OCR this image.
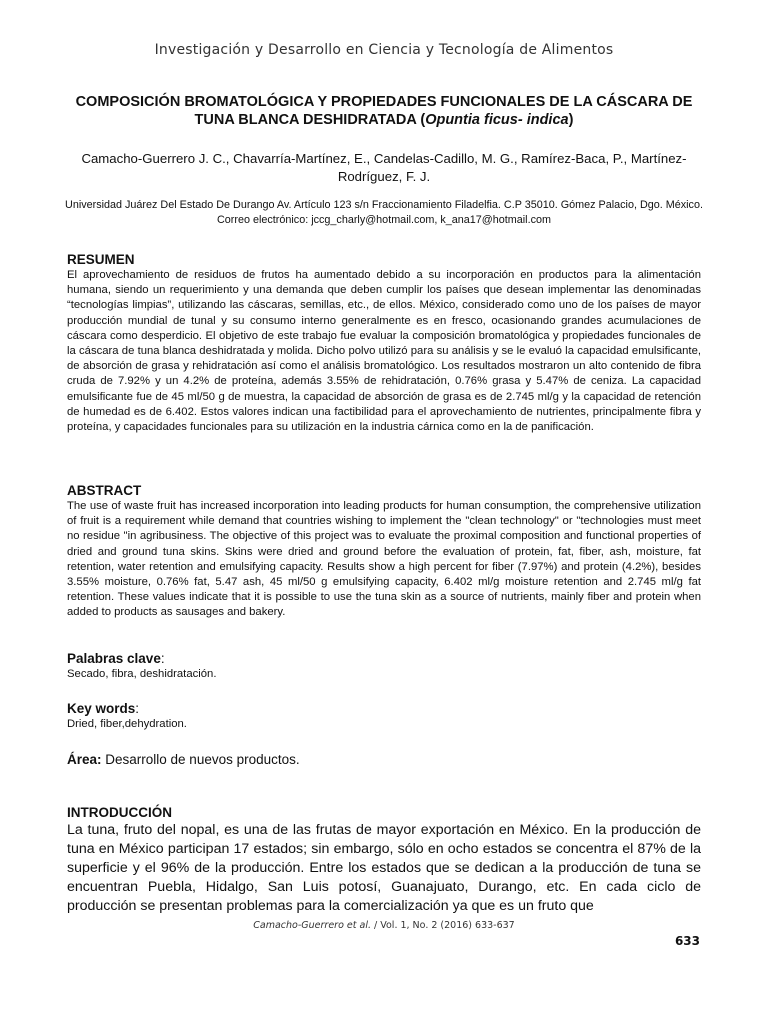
Investigación y Desarrollo en Ciencia y Tecnología de Alimentos
COMPOSICIÓN BROMATOLÓGICA Y PROPIEDADES FUNCIONALES DE LA CÁSCARA DE TUNA BLANCA DESHIDRATADA (Opuntia ficus- indica)
Camacho-Guerrero J. C., Chavarría-Martínez, E., Candelas-Cadillo, M. G., Ramírez-Baca, P., Martínez-Rodríguez, F. J.
Universidad Juárez Del Estado De Durango Av. Artículo 123 s/n Fraccionamiento Filadelfia. C.P 35010. Gómez Palacio, Dgo. México. Correo electrónico: jccg_charly@hotmail.com, k_ana17@hotmail.com
RESUMEN

El aprovechamiento de residuos de frutos ha aumentado debido a su incorporación en productos para la alimentación humana, siendo un requerimiento y una demanda que deben cumplir los países que desean implementar las denominadas “tecnologías limpias”, utilizando las cáscaras, semillas, etc., de ellos. México, considerado como uno de los países de mayor producción mundial de tunal y su consumo interno generalmente es en fresco, ocasionando grandes acumulaciones de cáscara como desperdicio. El objetivo de este trabajo fue evaluar la composición bromatológica y propiedades funcionales de la cáscara de tuna blanca deshidratada y molida. Dicho polvo utilizó para su análisis y se le evaluó la capacidad emulsificante, de absorción de grasa y rehidratación así como el análisis bromatológico. Los resultados mostraron un alto contenido de fibra cruda de 7.92% y un 4.2% de proteína, además 3.55% de rehidratación, 0.76% grasa y 5.47% de ceniza. La capacidad emulsificante fue de 45 ml/50 g de muestra, la capacidad de absorción de grasa es de 2.745 ml/g y la capacidad de retención de humedad es de 6.402. Estos valores indican una factibilidad para el aprovechamiento de nutrientes, principalmente fibra y proteína, y capacidades funcionales para su utilización en la industria cárnica como en la de panificación.

ABSTRACT

The use of waste fruit has increased incorporation into leading products for human consumption, the comprehensive utilization of fruit is a requirement while demand that countries wishing to implement the "clean technology" or "technologies must meet no residue "in agribusiness. The objective of this project was to evaluate the proximal composition and functional properties of dried and ground tuna skins. Skins were dried and ground before the evaluation of protein, fat, fiber, ash, moisture, fat retention, water retention and emulsifying capacity. Results show a high percent for fiber (7.97%) and protein (4.2%), besides 3.55% moisture, 0.76% fat, 5.47 ash, 45 ml/50 g emulsifying capacity, 6.402 ml/g moisture retention and 2.745 ml/g fat retention. These values indicate that it is possible to use the tuna skin as a source of nutrients, mainly fiber and protein when added to products as sausages and bakery.

Palabras clave:

Secado, fibra, deshidratación.

Key words:

Dried, fiber,dehydration.

Área: Desarrollo de nuevos productos.
INTRODUCCIÓN

La tuna, fruto del nopal, es una de las frutas de mayor exportación en México. En la producción de tuna en México participan 17 estados; sin embargo, sólo en ocho estados se concentra el 87% de la superficie y el 96% de la producción. Entre los estados que se dedican a la producción de tuna se encuentran Puebla, Hidalgo, San Luis potosí, Guanajuato, Durango, etc. En cada ciclo de producción se presentan problemas para la comercialización ya que es un fruto que

Camacho-Guerrero et al. / Vol. 1, No. 2 (2016) 633-637
633
